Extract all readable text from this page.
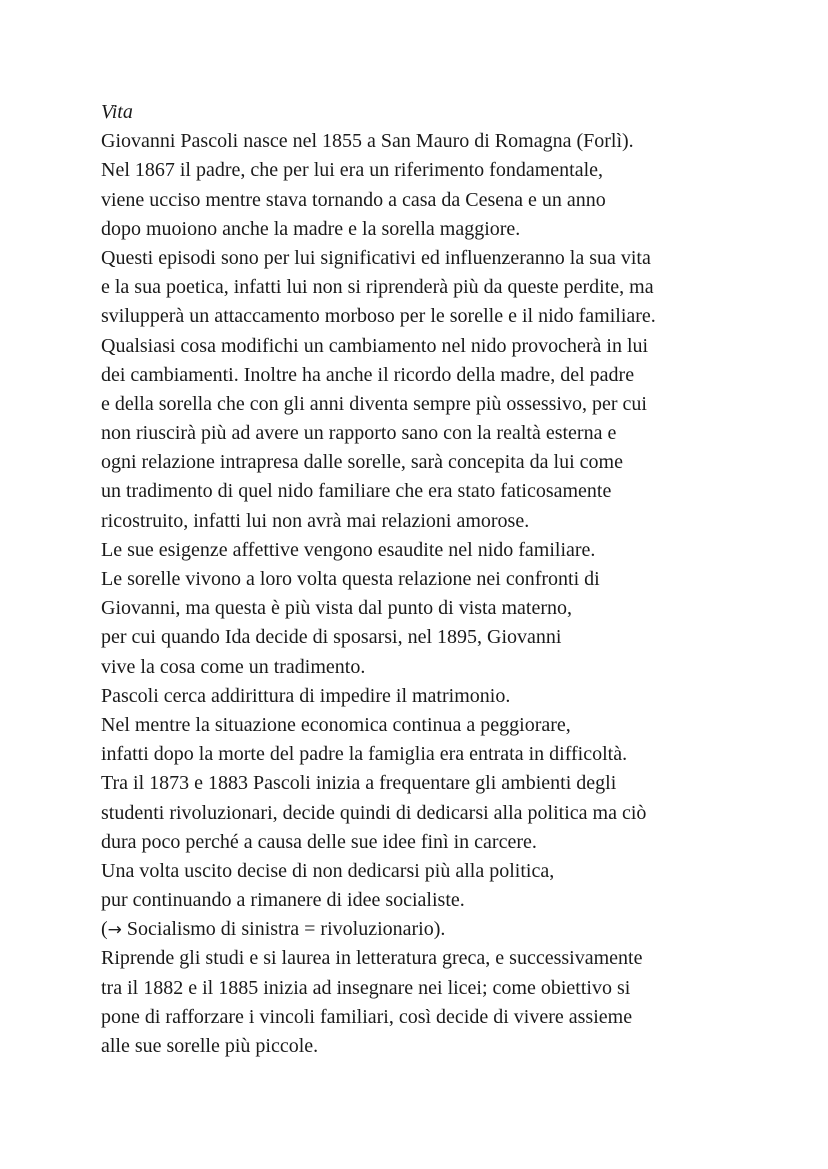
Vita
Giovanni Pascoli nasce nel 1855 a San Mauro di Romagna (Forlì).
Nel 1867 il padre, che per lui era un riferimento fondamentale,
viene ucciso mentre stava tornando a casa da Cesena e un anno
dopo muoiono anche la madre e la sorella maggiore.
Questi episodi sono per lui significativi ed influenzeranno la sua vita
e la sua poetica, infatti lui non si riprenderà più da queste perdite, ma
svilupperà un attaccamento morboso per le sorelle e il nido familiare.
Qualsiasi cosa modifichi un cambiamento nel nido provocherà in lui
dei cambiamenti. Inoltre ha anche il ricordo della madre, del padre
e della sorella che con gli anni diventa sempre più ossessivo, per cui
non riuscirà più ad avere un rapporto sano con la realtà esterna e
ogni relazione intrapresa dalle sorelle, sarà concepita da lui come
un tradimento di quel nido familiare che era stato faticosamente
ricostruito, infatti lui non avrà mai relazioni amorose.
Le sue esigenze affettive vengono esaudite nel nido familiare.
Le sorelle vivono a loro volta questa relazione nei confronti di
Giovanni, ma questa è più vista dal punto di vista materno,
per cui quando Ida decide di sposarsi, nel 1895, Giovanni
vive la cosa come un tradimento.
Pascoli cerca addirittura di impedire il matrimonio.
Nel mentre la situazione economica continua a peggiorare,
infatti dopo la morte del padre la famiglia era entrata in difficoltà.
Tra il 1873 e 1883 Pascoli inizia a frequentare gli ambienti degli
studenti rivoluzionari, decide quindi di dedicarsi alla politica ma ciò
dura poco perché a causa delle sue idee finì in carcere.
Una volta uscito decise di non dedicarsi più alla politica,
pur continuando a rimanere di idee socialiste.
(→ Socialismo di sinistra = rivoluzionario).
Riprende gli studi e si laurea in letteratura greca, e successivamente
tra il 1882 e il 1885 inizia ad insegnare nei licei; come obiettivo si
pone di rafforzare i vincoli familiari, così decide di vivere assieme
alle sue sorelle più piccole.
